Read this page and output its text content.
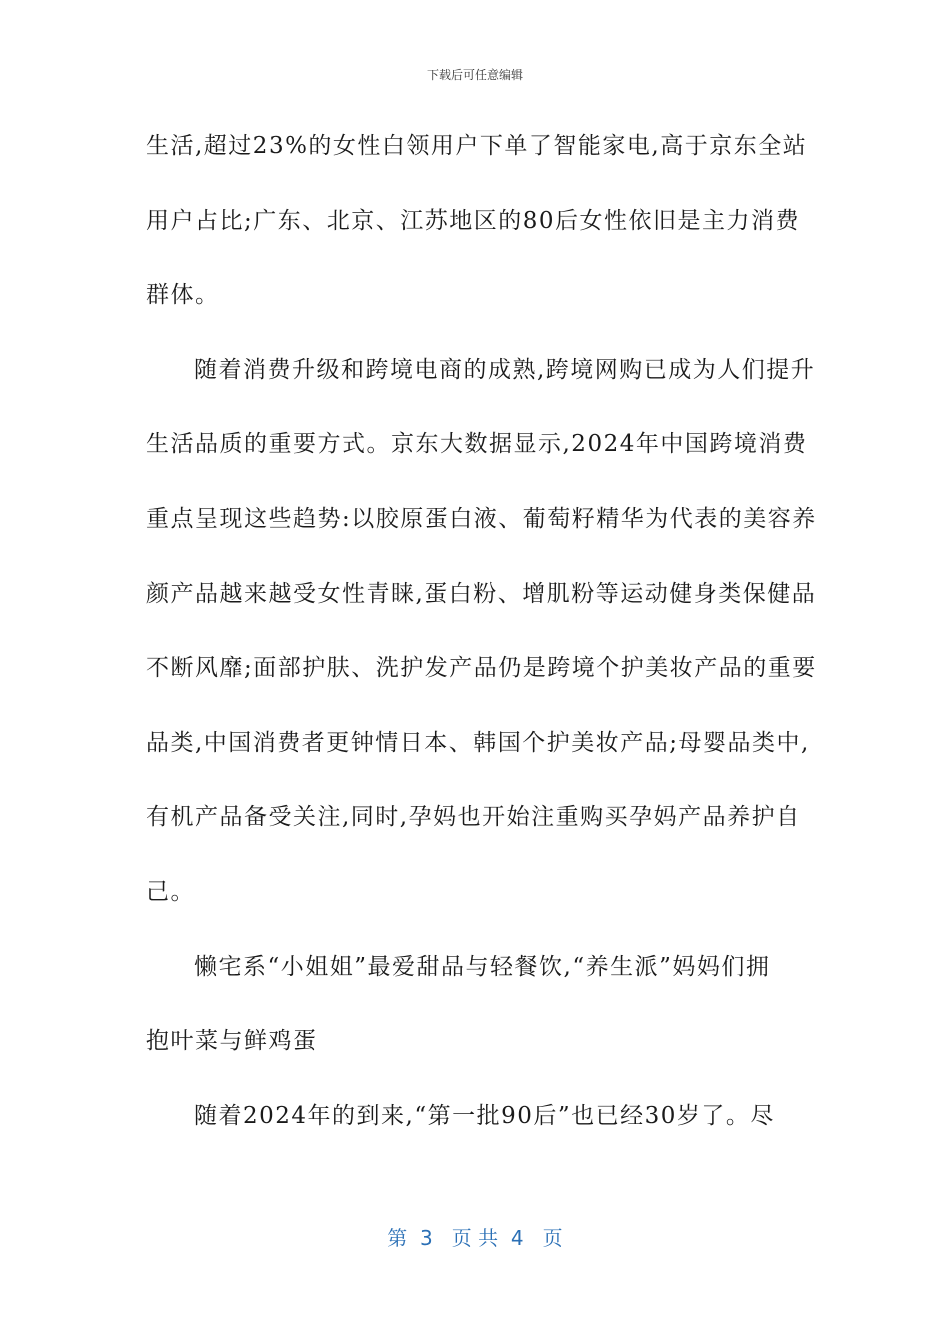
下载后可任意编辑
生活,超过23%的女性白领用户下单了智能家电,高于京东全站
用户占比;广东、北京、江苏地区的80后女性依旧是主力消费
群体。
随着消费升级和跨境电商的成熟,跨境网购已成为人们提升
生活品质的重要方式。京东大数据显示,2024年中国跨境消费
重点呈现这些趋势:以胶原蛋白液、葡萄籽精华为代表的美容养
颜产品越来越受女性青睐,蛋白粉、增肌粉等运动健身类保健品
不断风靡;面部护肤、洗护发产品仍是跨境个护美妆产品的重要
品类,中国消费者更钟情日本、韩国个护美妆产品;母婴品类中,
有机产品备受关注,同时,孕妈也开始注重购买孕妈产品养护自
己。
懒宅系“小姐姐”最爱甜品与轻餐饮,“养生派”妈妈们拥
抱叶菜与鲜鸡蛋
随着2024年的到来,“第一批90后”也已经30岁了。尽
第  3   页 共  4   页
